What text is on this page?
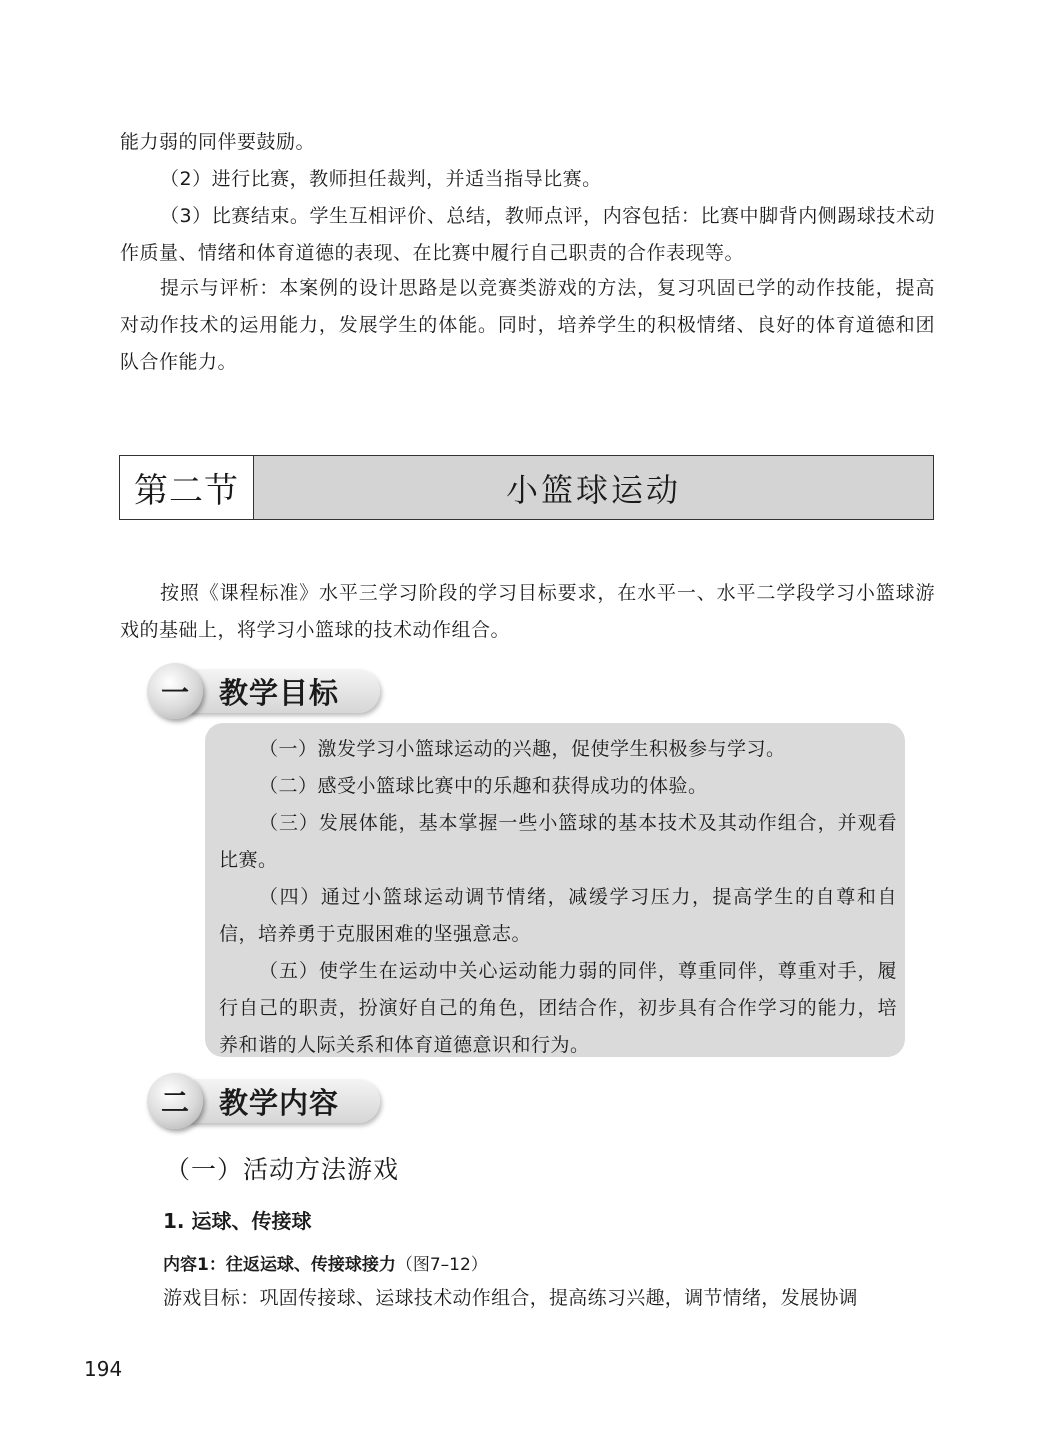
能力弱的同伴要鼓励。

（2）进行比赛，教师担任裁判，并适当指导比赛。

（3）比赛结束。学生互相评价、总结，教师点评，内容包括：比赛中脚背内侧踢球技术动作质量、情绪和体育道德的表现、在比赛中履行自己职责的合作表现等。

提示与评析：本案例的设计思路是以竞赛类游戏的方法，复习巩固已学的动作技能，提高对动作技术的运用能力，发展学生的体能。同时，培养学生的积极情绪、良好的体育道德和团队合作能力。

第二节	小篮球运动

按照《课程标准》水平三学习阶段的学习目标要求，在水平一、水平二学段学习小篮球游戏的基础上，将学习小篮球的技术动作组合。

一	教学目标

（一）激发学习小篮球运动的兴趣，促使学生积极参与学习。

（二）感受小篮球比赛中的乐趣和获得成功的体验。

（三）发展体能，基本掌握一些小篮球的基本技术及其动作组合，并观看比赛。

（四）通过小篮球运动调节情绪，减缓学习压力，提高学生的自尊和自信，培养勇于克服困难的坚强意志。

（五）使学生在运动中关心运动能力弱的同伴，尊重同伴，尊重对手，履行自己的职责，扮演好自己的角色，团结合作，初步具有合作学习的能力，培养和谐的人际关系和体育道德意识和行为。

二	教学内容
（一）活动方法游戏
1. 运球、传接球
内容1：往返运球、传接球接力（图7–12）

游戏目标：巩固传接球、运球技术动作组合，提高练习兴趣，调节情绪，发展协调

194
